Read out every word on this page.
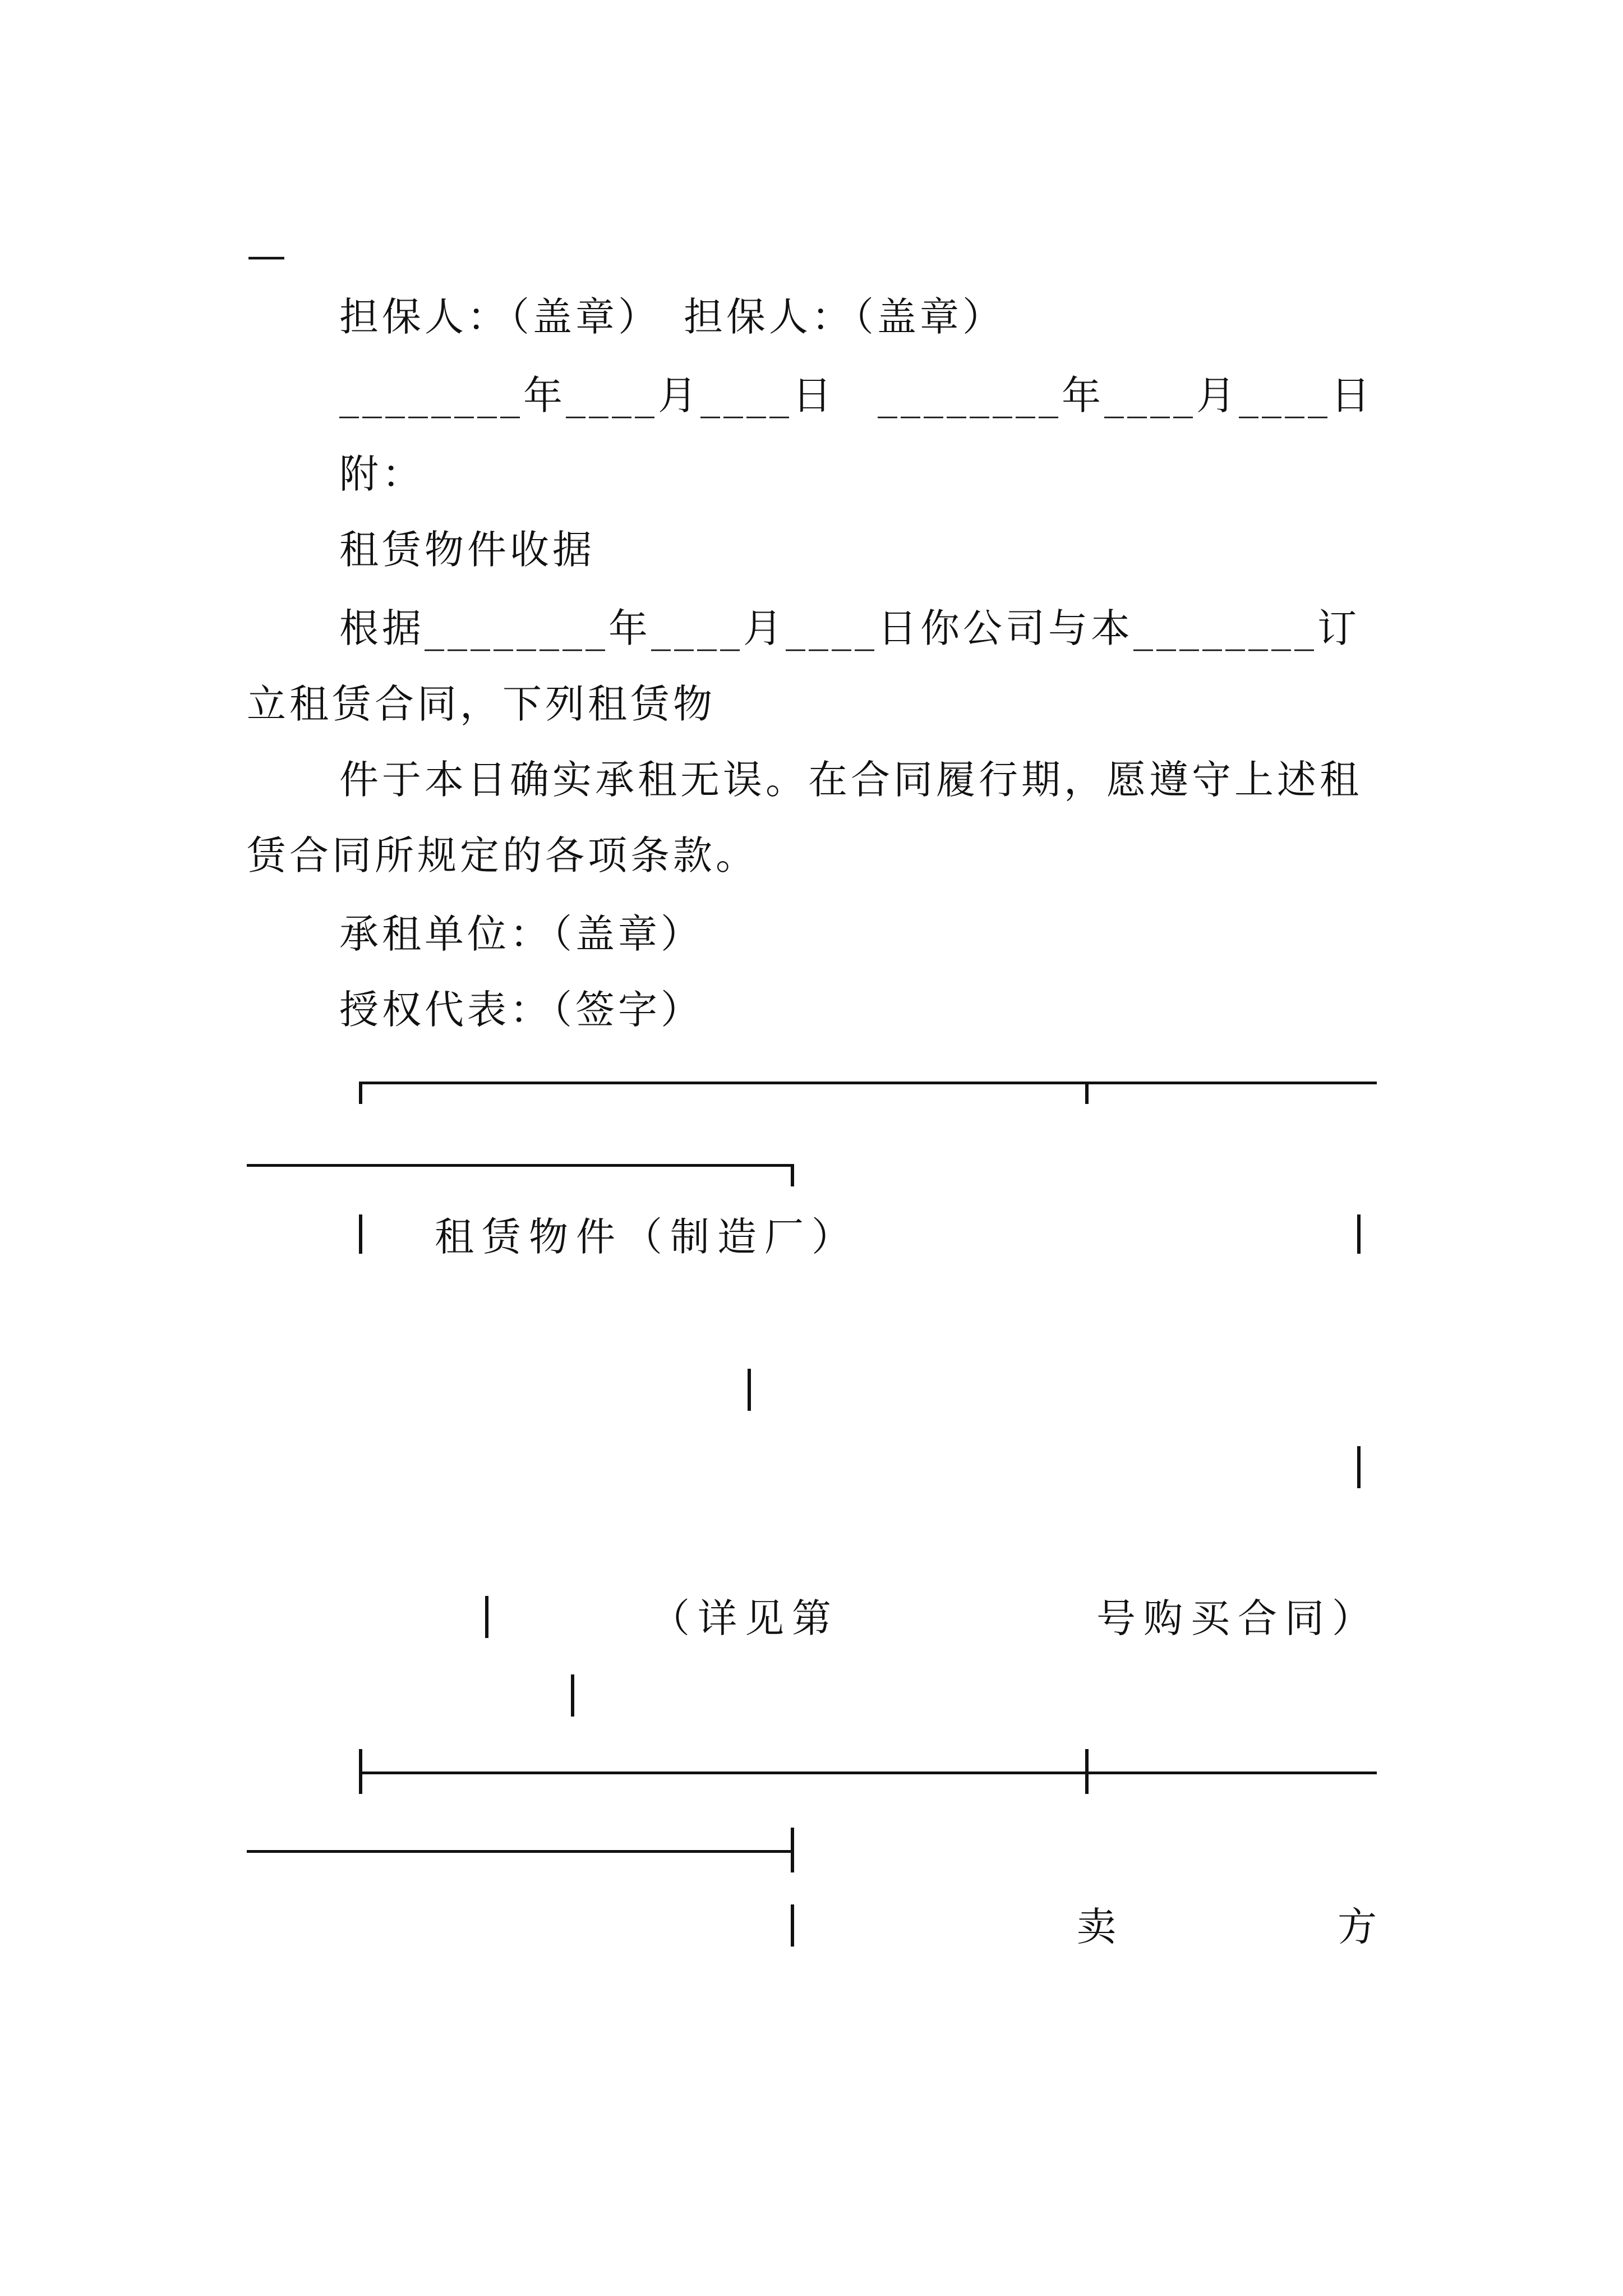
—
担保人：（盖章）　担保人：（盖章）
________年____月____日　________年____月____日
附：
租赁物件收据
根据________年____月____日你公司与本________订
立租赁合同，下列租赁物
件于本日确实承租无误。在合同履行期，愿遵守上述租
赁合同所规定的各项条款。
承租单位：（盖章）
授权代表：（签字）
租赁物件（制造厂）
（详见第	号购买合同）
卖	方
